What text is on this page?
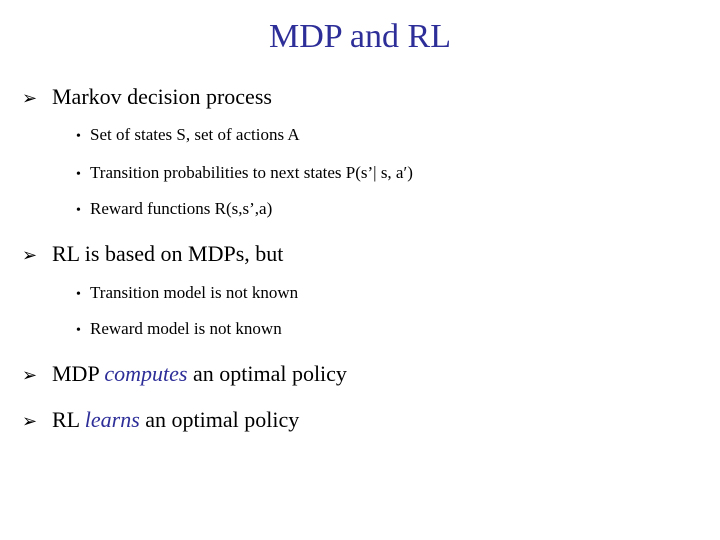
MDP and RL
➢ Markov decision process
• Set of states S, set of actions A
• Transition probabilities to next states P(s’| s, a′)
• Reward functions R(s,s’,a)
➢ RL is based on MDPs, but
• Transition model is not known
• Reward model is not known
➢ MDP computes an optimal policy
➢ RL learns an optimal policy
